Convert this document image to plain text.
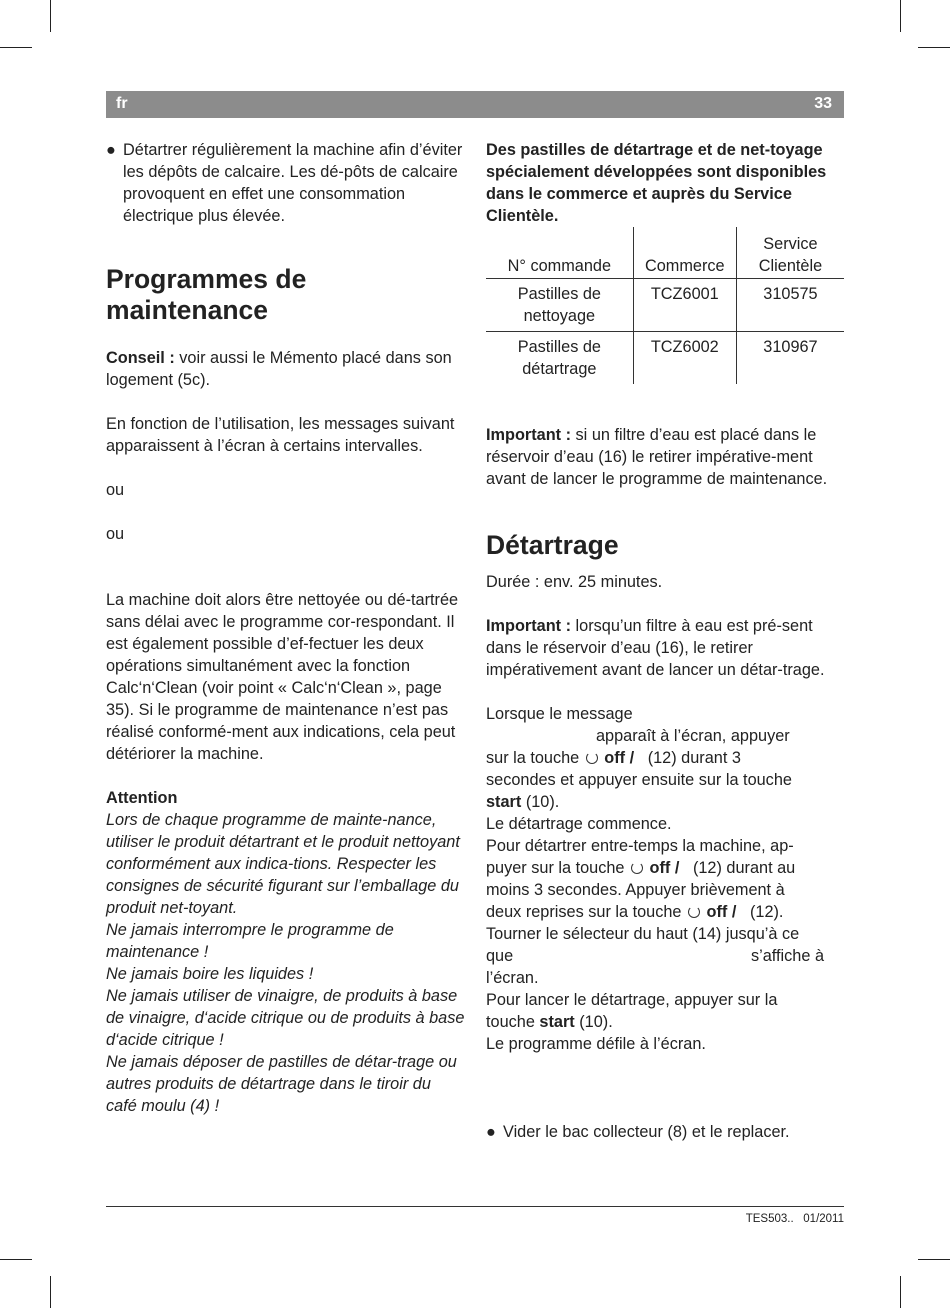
fr	33
● Détartrer régulièrement la machine afin d’éviter les dépôts de calcaire. Les dé-pôts de calcaire provoquent en effet une consommation électrique plus élevée.
Programmes de
maintenance

Conseil : voir aussi le Mémento placé dans son logement (5c).

En fonction de l’utilisation, les messages suivant apparaissent à l’écran à certains intervalles.

ou

ou

La machine doit alors être nettoyée ou dé-tartrée sans délai avec le programme cor-respondant. Il est également possible d’ef-fectuer les deux opérations simultanément avec la fonction Calc‘n‘Clean (voir point « Calc‘n‘Clean », page 35). Si le programme de maintenance n’est pas réalisé conformé-ment aux indications, cela peut détériorer la machine.

Attention

Lors de chaque programme de mainte-nance, utiliser le produit détartrant et le produit nettoyant conformément aux indica-tions. Respecter les consignes de sécurité figurant sur l’emballage du produit net-toyant.

Ne jamais interrompre le programme de maintenance !

Ne jamais boire les liquides !

Ne jamais utiliser de vinaigre, de produits à base de vinaigre, d‘acide citrique ou de produits à base d‘acide citrique !

Ne jamais déposer de pastilles de détar-trage ou autres produits de détartrage dans le tiroir du café moulu (4) !

Des pastilles de détartrage et de net-toyage spécialement développées sont disponibles dans le commerce et auprès du Service Clientèle.

N° commande	Commerce	Service Clientèle
Pastilles de nettoyage	TCZ6001	310575
Pastilles de détartrage	TCZ6002	310967

Important : si un filtre d’eau est placé dans le réservoir d’eau (16) le retirer impérative-ment avant de lancer le programme de maintenance.

Détartrage

Durée : env. 25 minutes.

Important : lorsqu’un filtre à eau est pré-sent dans le réservoir d’eau (16), le retirer impérativement avant de lancer un détar-trage.

Lorsque le message

apparaît à l’écran, appuyer

sur la touche  off / (12) durant 3

secondes et appuyer ensuite sur la touche

start (10).

Le détartrage commence.

Pour détartrer entre-temps la machine, ap-

puyer sur la touche  off / (12) durant au

moins 3 secondes. Appuyer brièvement à

deux reprises sur la touche  off / (12).

Tourner le sélecteur du haut (14) jusqu’à ce

que	s’affiche à

l’écran.

Pour lancer le détartrage, appuyer sur la

touche start (10).

Le programme défile à l’écran.

● Vider le bac collecteur (8) et le replacer.
TES503.. 01/2011
